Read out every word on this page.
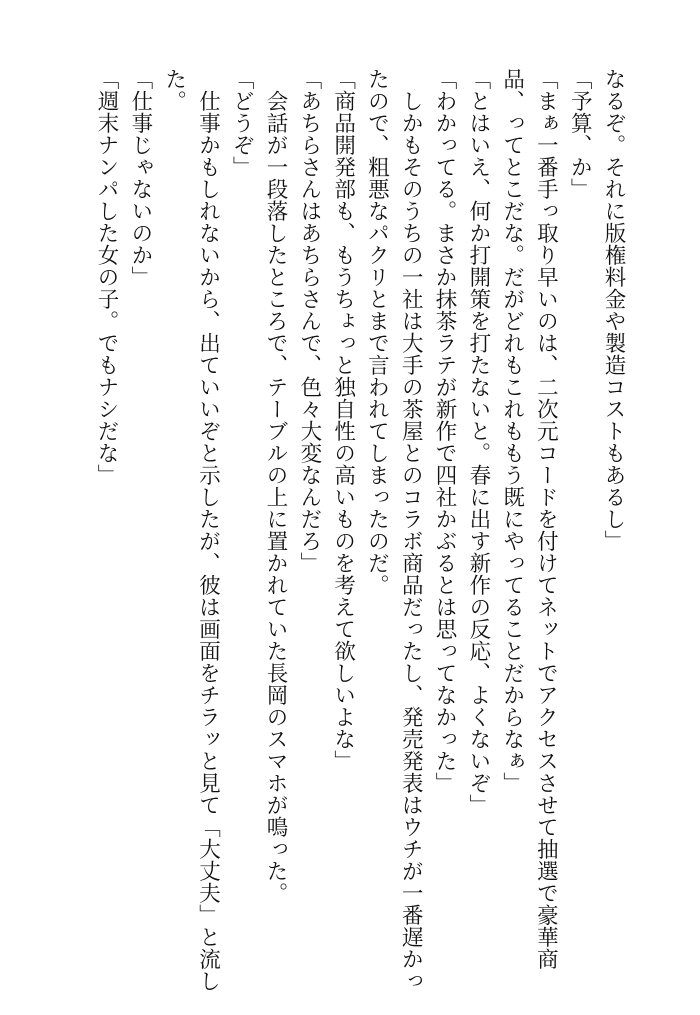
なるぞ。それに版権料金や製造コストもあるし」
「予算、か」
「まぁ一番手っ取り早いのは、二次元コードを付けてネットでアクセスさせて抽選で豪華商
品、ってとこだな。だがどれもこれももう既にやってることだからなぁ」
「とはいえ、何か打開策を打たないと。春に出す新作の反応、よくないぞ」
「わかってる。まさか抹茶ラテが新作で四社かぶるとは思ってなかった」
　しかもそのうちの一社は大手の茶屋とのコラボ商品だったし、発売発表はウチが一番遅かっ
たので、粗悪なパクリとまで言われてしまったのだ。
「商品開発部も、もうちょっと独自性の高いものを考えて欲しいよな」
「あちらさんはあちらさんで、色々大変なんだろ」
　会話が一段落したところで、テーブルの上に置かれていた長岡のスマホが鳴った。
「どうぞ」
　仕事かもしれないから、出ていいぞと示したが、彼は画面をチラッと見て「大丈夫」と流し
た。
「仕事じゃないのか」
「週末ナンパした女の子。でもナシだな」
